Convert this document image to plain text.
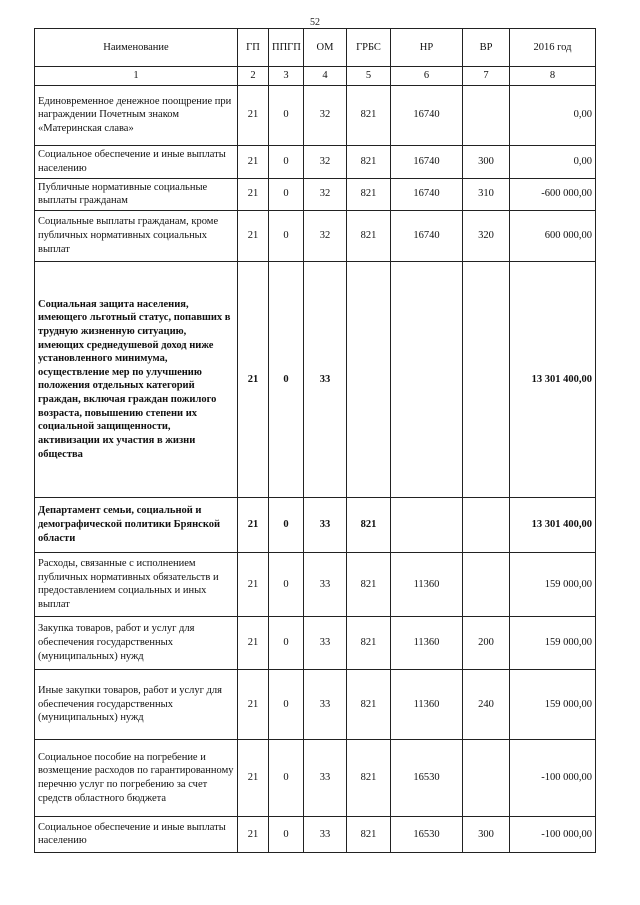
52
Наименование	ГП	ППГП	ОМ	ГРБС	НР	ВР	2016 год
1	2	3	4	5	6	7	8
Единовременное денежное поощрение при награждении Почетным знаком «Материнская слава»	21	0	32	821	16740		0,00
Социальное обеспечение и иные выплаты населению	21	0	32	821	16740	300	0,00
Публичные нормативные социальные выплаты гражданам	21	0	32	821	16740	310	-600 000,00
Социальные выплаты гражданам, кроме публичных нормативных социальных выплат	21	0	32	821	16740	320	600 000,00
Социальная защита населения, имеющего льготный статус, попавших в трудную жизненную ситуацию, имеющих среднедушевой доход ниже установленного минимума, осуществление мер по улучшению положения отдельных категорий граждан, включая граждан пожилого возраста, повышению степени их социальной защищенности, активизации их участия в жизни общества	21	0	33				13 301 400,00
Департамент семьи, социальной и демографической политики Брянской области	21	0	33	821			13 301 400,00
Расходы, связанные с исполнением публичных нормативных обязательств и предоставлением социальных и иных выплат	21	0	33	821	11360		159 000,00
Закупка товаров, работ и услуг для обеспечения государственных (муниципальных) нужд	21	0	33	821	11360	200	159 000,00
Иные закупки товаров, работ и услуг для обеспечения государственных (муниципальных) нужд	21	0	33	821	11360	240	159 000,00
Социальное пособие на погребение и возмещение расходов по гарантированному перечню услуг по погребению за счет средств областного бюджета	21	0	33	821	16530		-100 000,00
Социальное обеспечение и иные выплаты населению	21	0	33	821	16530	300	-100 000,00
